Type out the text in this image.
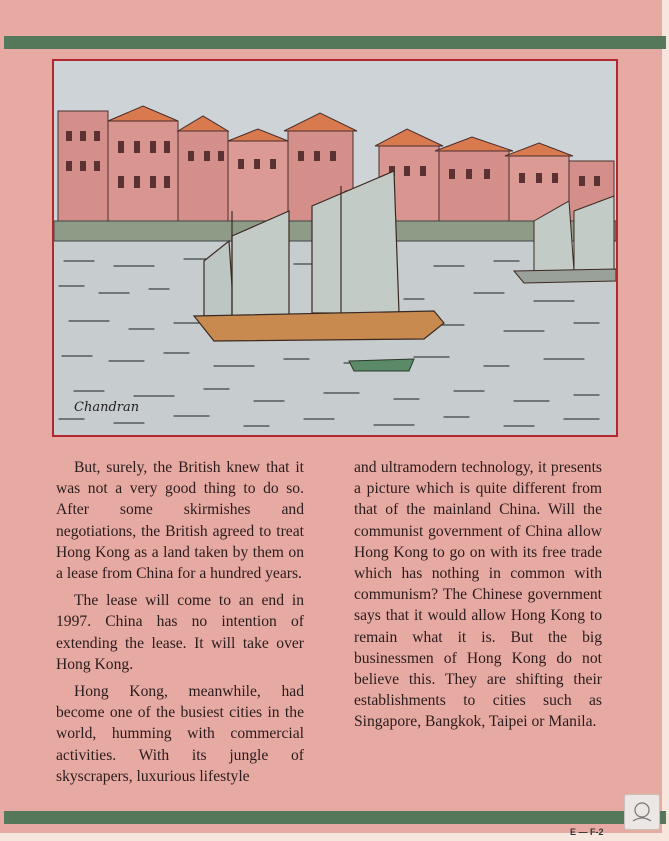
Chandran

But, surely, the British knew that it was not a very good thing to do so. After some skirmishes and negotiations, the British agreed to treat Hong Kong as a land taken by them on a lease from China for a hundred years.

The lease will come to an end in 1997. China has no intention of extending the lease. It will take over Hong Kong.

Hong Kong, meanwhile, had become one of the busiest cities in the world, humming with commercial activities. With its jungle of skyscrapers, luxurious lifestyle

and ultramodern technology, it presents a picture which is quite different from that of the mainland China. Will the communist government of China allow Hong Kong to go on with its free trade which has nothing in common with communism? The Chinese government says that it would allow Hong Kong to remain what it is. But the big businessmen of Hong Kong do not believe this. They are shifting their establishments to cities such as Singapore, Bangkok, Taipei or Manila.

E — F-2
